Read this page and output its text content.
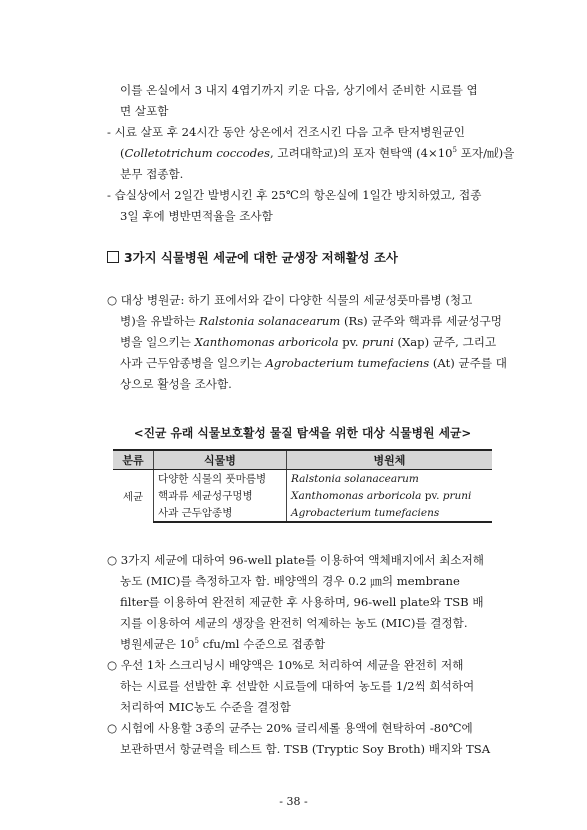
이를 온실에서 3 내지 4엽기까지 키운 다음, 상기에서 준비한 시료를 엽
면 살포함
- 시료 살포 후 24시간 동안 상온에서 건조시킨 다음 고추 탄저병원균인
(Colletotrichum coccodes, 고려대학교)의 포자 현탁액 ($4\times 10^5$ 포자/㎖)을
분무 접종함.
- 습실상에서 2일간 발병시킨 후 25℃의 항온실에 1일간 방치하였고, 접종
3일 후에 병반면적율을 조사함
3가지 식물병원 세균에 대한 균생장 저해활성 조사
○ 대상 병원균: 하기 표에서와 같이 다양한 식물의 세균성풋마름병 (청고
병)을 유발하는 Ralstonia solanacearum (Rs) 균주와 핵과류 세균성구멍
병을 일으키는 Xanthomonas arboricola pv. pruni (Xap) 균주, 그리고
사과 근두암종병을 일으키는 Agrobacterium tumefaciens (At) 균주를 대
상으로 활성을 조사함.
<진균 유래 식물보호활성 물질 탐색을 위한 대상 식물병원 세균>
분류	식물병	병원체
세균	다양한 식물의 풋마름병	Ralstonia solanacearum
	핵과류 세균성구멍병	Xanthomonas arboricola pv. pruni
	사과 근두암종병	Agrobacterium tumefaciens
○ 3가지 세균에 대하여 96-well plate를 이용하여 액체배지에서 최소저해
농도 (MIC)를 측정하고자 함. 배양액의 경우 0.2 ㎛의 membrane
filter를 이용하여 완전히 제균한 후 사용하며, 96-well plate와 TSB 배
지를 이용하여 세균의 생장을 완전히 억제하는 농도 (MIC)를 결정함.
병원세균은 $10^5$ cfu/ml 수준으로 접종함
○ 우선 1차 스크리닝시 배양액은 10%로 처리하여 세균을 완전히 저해
하는 시료를 선발한 후 선발한 시료들에 대하여 농도를 1/2씩 희석하여
처리하여 MIC농도 수준을 결정함
○ 시험에 사용할 3종의 균주는 20% 글리세롤 용액에 현탁하여 -80℃에
보관하면서 항균력을 테스트 함. TSB (Tryptic Soy Broth) 배지와 TSA
- 38 -
